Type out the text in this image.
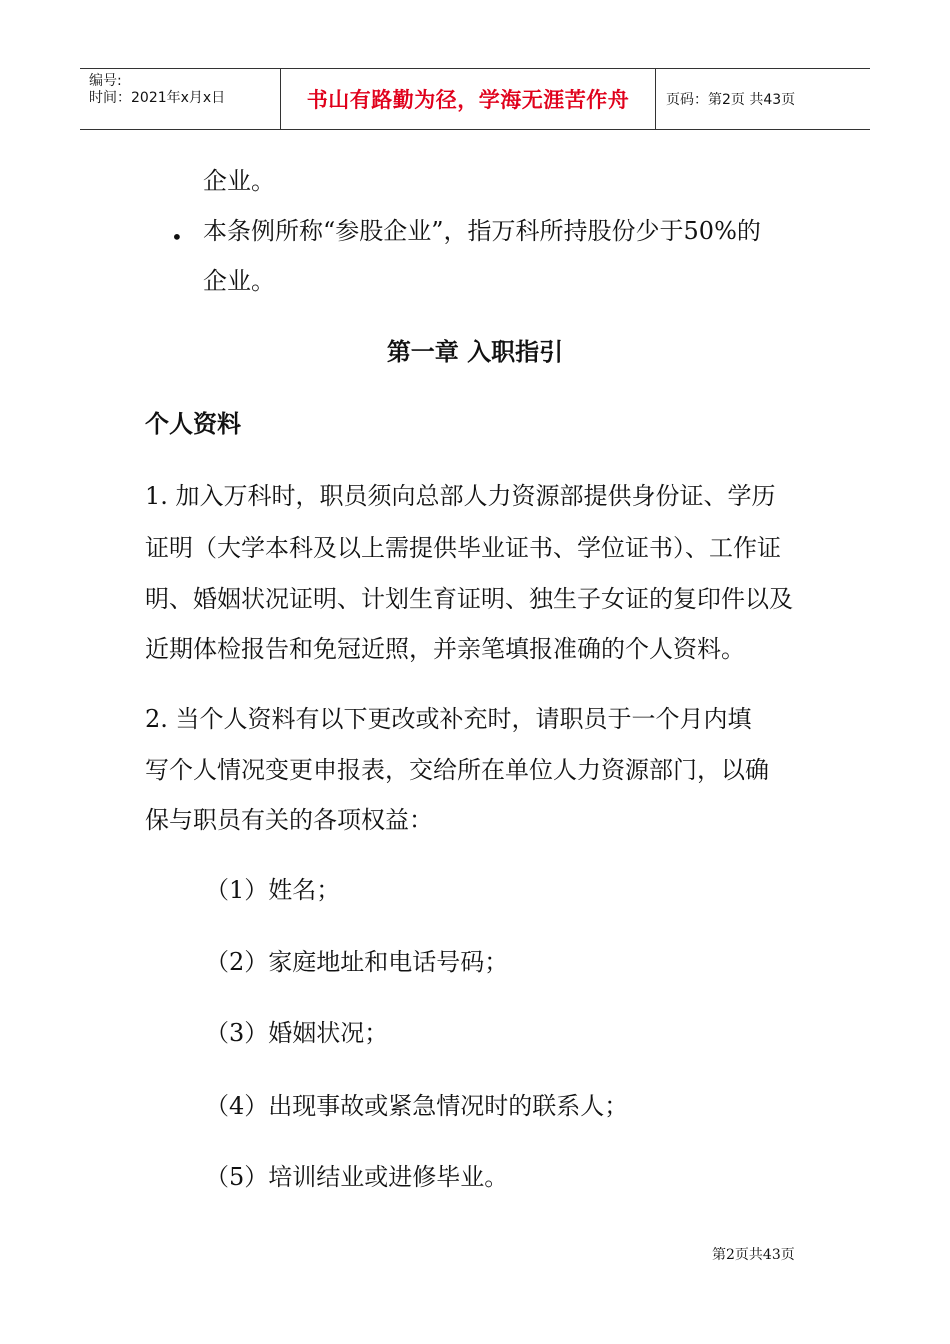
编号:
时间：2021年x月x日	书山有路勤为径，学海无涯苦作舟	页码：第2页 共43页
企业。
• 本条例所称“参股企业”，指万科所持股份少于50%的
企业。
第一章 入职指引
个人资料
1. 加入万科时，职员须向总部人力资源部提供身份证、学历
证明（大学本科及以上需提供毕业证书、学位证书）、工作证
明、婚姻状况证明、计划生育证明、独生子女证的复印件以及
近期体检报告和免冠近照，并亲笔填报准确的个人资料。
2. 当个人资料有以下更改或补充时，请职员于一个月内填
写个人情况变更申报表，交给所在单位人力资源部门，以确
保与职员有关的各项权益：
（1）姓名；
（2）家庭地址和电话号码；
（3）婚姻状况；
（4）出现事故或紧急情况时的联系人；
（5）培训结业或进修毕业。
第2页共43页
